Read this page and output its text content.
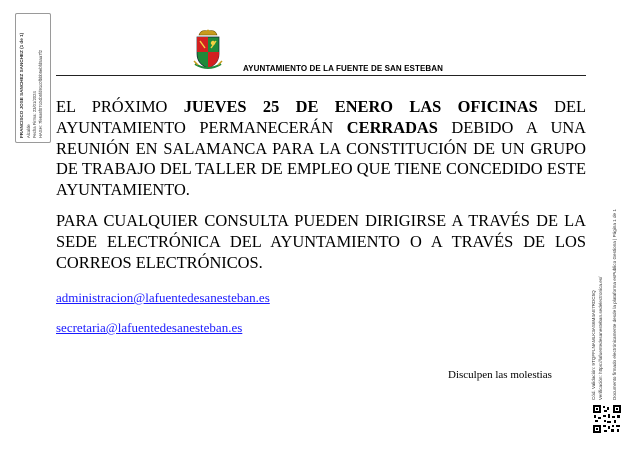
FRANCISCO JOSE SANCHEZ SANCHEZ (1 de 1) Alcalde Fecha Firma: 23/01/2024 HASH: 7fe6a6f07c04b5fd91c0fbbb5ebfd5aa7f2	AYUNTAMIENTO DE LA FUENTE DE SAN ESTEBAN

EL PRÓXIMO JUEVES 25 DE ENERO LAS OFICINAS DEL AYUNTAMIENTO PERMANECERÁN CERRADAS DEBIDO A UNA REUNIÓN EN SALAMANCA PARA LA CONSTITUCIÓN DE UN GRUPO DE TRABAJO DEL TALLER DE EMPLEO QUE TIENE CONCEDIDO ESTE AYUNTAMIENTO.

PARA CUALQUIER CONSULTA PUEDEN DIRIGIRSE A TRAVÉS DE LA SEDE ELECTRÓNICA DEL AYUNTAMIENTO O A TRAVÉS DE LOS CORREOS ELECTRÓNICOS.

administracion@lafuentedesanesteban.es
secretaria@lafuentedesanesteban.es
Disculpen las molestias	Cód. Validación: 9TQFFLNAMLK3AS6M4AE7RDC5Q Verificación: https://lafuentedesanesteban.sedelectronica.es/ Documento firmado electrónicamente desde la plataforma esPublico Gestiona | Página 1 de 1
